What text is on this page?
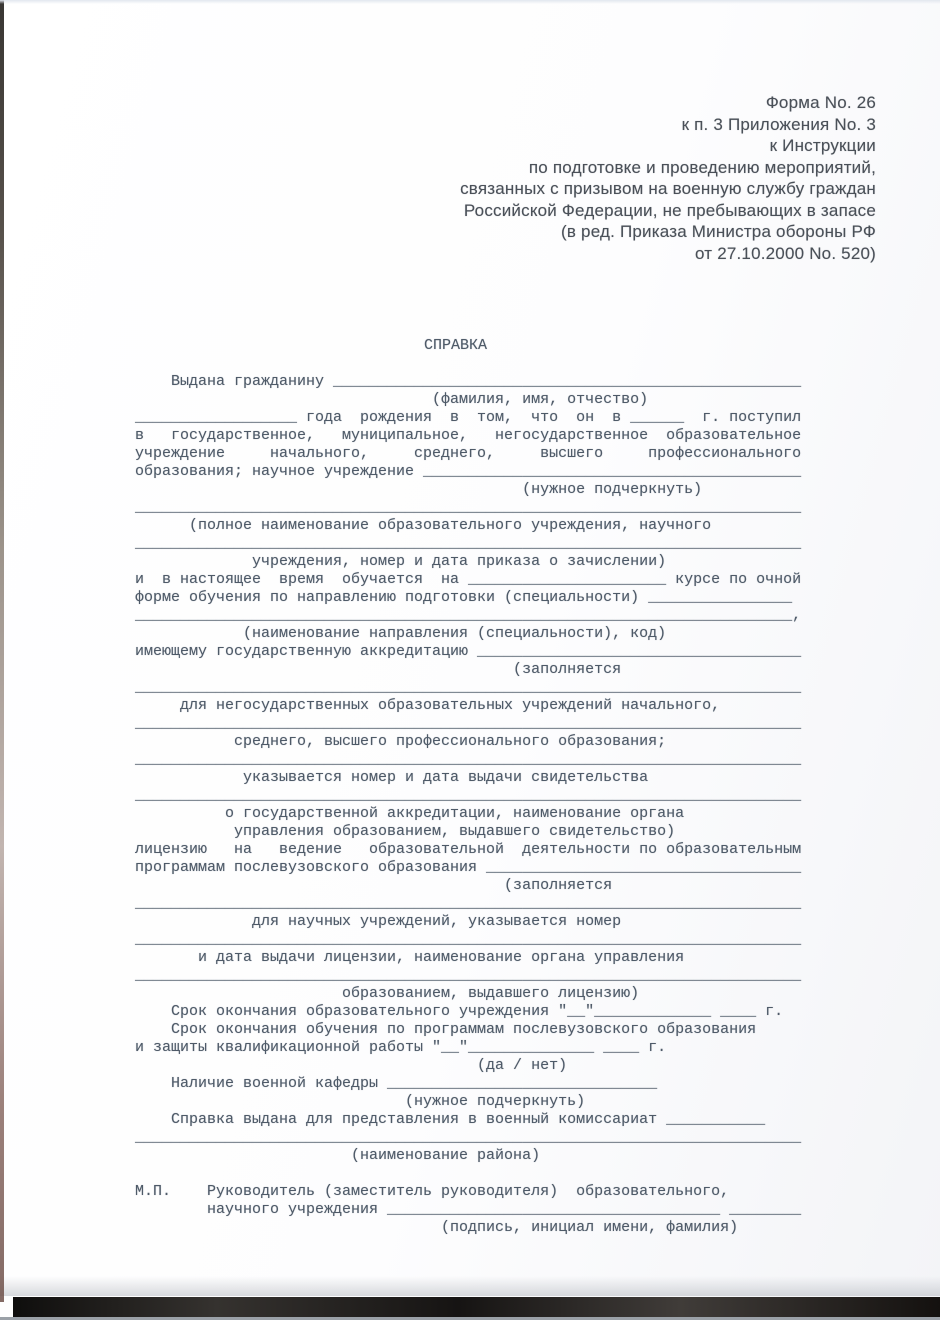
Форма No. 26
к п. 3 Приложения No. 3
к Инструкции
по подготовке и проведению мероприятий,
связанных с призывом на военную службу граждан
Российской Федерации, не пребывающих в запасе
(в ред. Приказа Министра обороны РФ
от 27.10.2000 No. 520)
СПРАВКА
Выдана гражданину ____________________________________________________
(фамилия, имя, отчество)
__________________ года  рождения  в  том,  что  он  в ______  г. поступил
в   государственное,   муниципальное,   негосударственное  образовательное
учреждение     начального,     среднего,     высшего     профессионального
образования; научное учреждение __________________________________________
(нужное подчеркнуть)
__________________________________________________________________________
(полное наименование образовательного учреждения, научного
__________________________________________________________________________
учреждения, номер и дата приказа о зачислении)
и  в настоящее  время  обучается  на ______________________ курсе по очной
форме обучения по направлению подготовки (специальности) ________________
_________________________________________________________________________,
(наименование направления (специальности), код)
имеющему государственную аккредитацию ____________________________________
(заполняется
__________________________________________________________________________
для негосударственных образовательных учреждений начального,
__________________________________________________________________________
среднего, высшего профессионального образования;
__________________________________________________________________________
указывается номер и дата выдачи свидетельства
__________________________________________________________________________
о государственной аккредитации, наименование органа
управления образованием, выдавшего свидетельство)
лицензию   на   ведение   образовательной  деятельности по образовательным
программам послевузовского образования ___________________________________
(заполняется
__________________________________________________________________________
для научных учреждений, указывается номер
__________________________________________________________________________
и дата выдачи лицензии, наименование органа управления
__________________________________________________________________________
образованием, выдавшего лицензию)
Срок окончания образовательного учреждения "__"_____________ ____ г.
Срок окончания обучения по программам послевузовского образования
и защиты квалификационной работы "__"______________ ____ г.
(да / нет)
Наличие военной кафедры ______________________________
(нужное подчеркнуть)
Справка выдана для представления в военный комиссариат ___________
__________________________________________________________________________
(наименование района)

М.П.    Руководитель (заместитель руководителя)  образовательного,
научного учреждения _____________________________________ ________
(подпись, инициал имени, фамилия)
